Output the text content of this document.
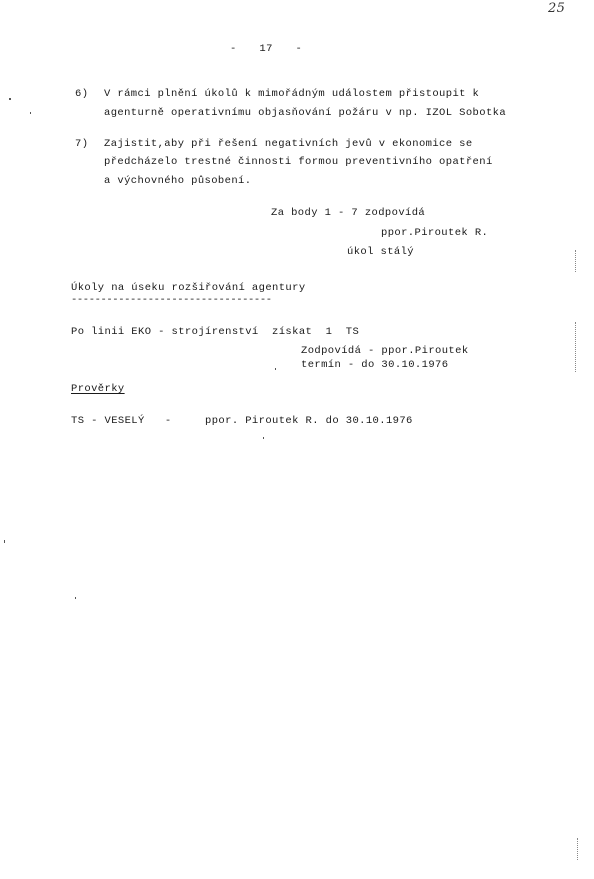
25
- 17 -
6) V rámci plnění úkolů k mimořádným událostem přistoupit k
agenturně operativnímu objasňování požáru v np. IZOL Sobotka
7) Zajistit,aby při řešení negativních jevů v ekonomice se
předcházelo trestné činnosti formou preventivního opatření
a výchovného působení.
Za body 1 - 7 zodpovídá
ppor.Piroutek R.
úkol stálý
Úkoly na úseku rozšiřování agentury
----------------------------------
Po linii EKO - strojírenství  získat  1  TS
Zodpovídá - ppor.Piroutek
termín - do 30.10.1976
Prověrky
TS - VESELÝ   -     ppor. Piroutek R. do 30.10.1976
